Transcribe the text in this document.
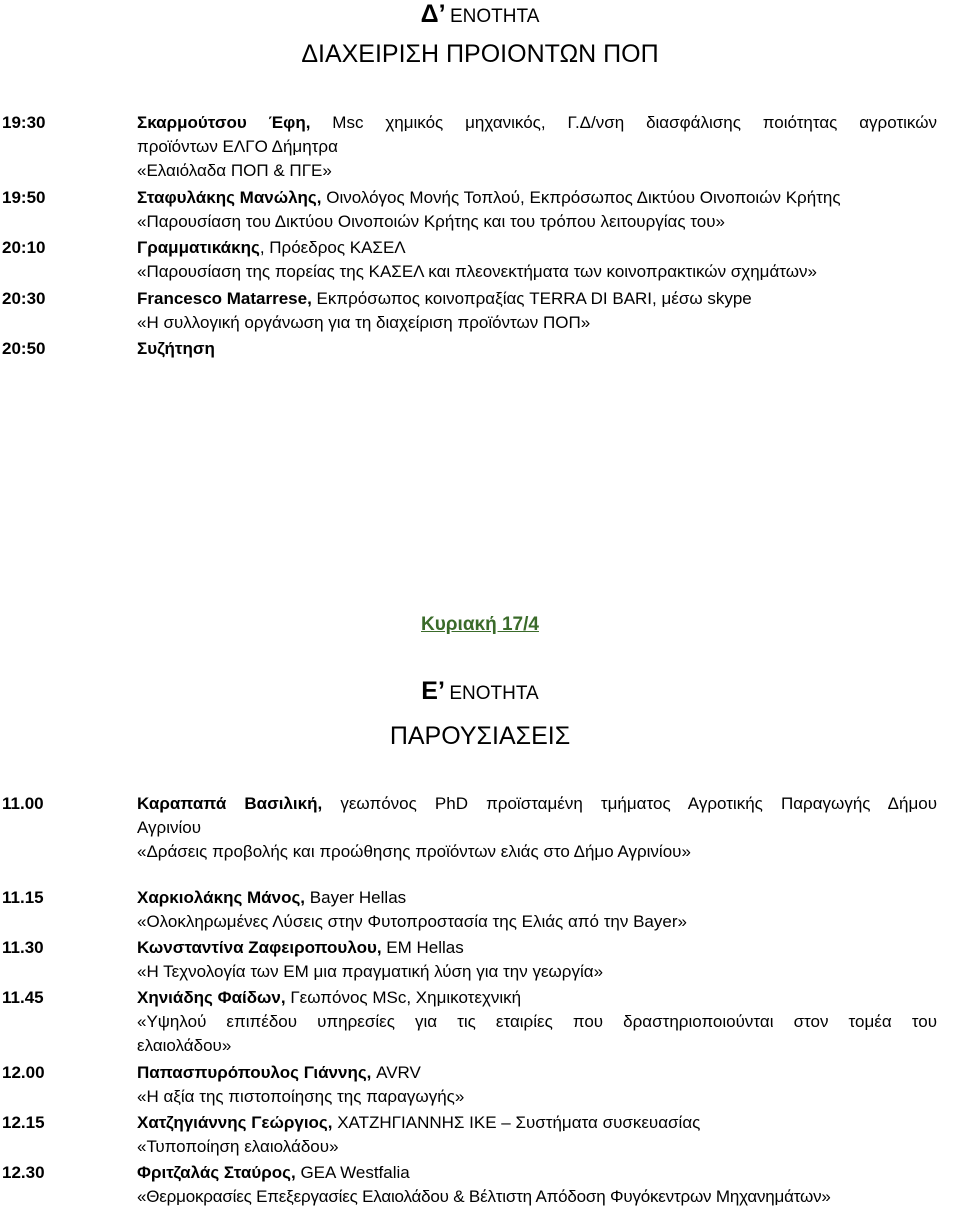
Δ’ ΕΝΟΤΗΤΑ
ΔΙΑΧΕΙΡΙΣΗ ΠΡΟΙΟΝΤΩΝ ΠΟΠ
19:30	Σκαρμούτσου Έφη, Msc χημικός μηχανικός, Γ.Δ/νση διασφάλισης ποιότητας αγροτικών
προϊόντων ΕΛΓΟ Δήμητρα
«Ελαιόλαδα ΠΟΠ & ΠΓΕ»
19:50	Σταφυλάκης Μανώλης, Οινολόγος Μονής Τοπλού, Εκπρόσωπος Δικτύου Οινοποιών Κρήτης
«Παρουσίαση του Δικτύου Οινοποιών Κρήτης και του τρόπου λειτουργίας του»
20:10	Γραμματικάκης, Πρόεδρος ΚΑΣΕΛ
«Παρουσίαση της πορείας της ΚΑΣΕΛ και πλεονεκτήματα των κοινοπρακτικών σχημάτων»
20:30	Francesco Matarrese, Εκπρόσωπος κοινοπραξίας TERRA DI BARI, μέσω skype
«Η συλλογική οργάνωση για τη διαχείριση προϊόντων ΠΟΠ»
20:50	Συζήτηση
Κυριακή 17/4
Ε’ ΕΝΟΤΗΤΑ
ΠΑΡΟΥΣΙΑΣΕΙΣ
11.00	Καραπαπά Βασιλική, γεωπόνος PhD προϊσταμένη τμήματος Αγροτικής Παραγωγής Δήμου
Αγρινίου
«Δράσεις προβολής και προώθησης προϊόντων ελιάς στο Δήμο Αγρινίου»
11.15	Χαρκιολάκης Μάνος, Bayer Hellas
«Ολοκληρωμένες Λύσεις στην Φυτοπροστασία της Ελιάς από την Bayer»
11.30	Κωνσταντίνα Ζαφειροπουλου, ΕΜ Hellas
«Η Τεχνολογία των ΕΜ μια πραγματική λύση για την γεωργία»
11.45	Χηνιάδης Φαίδων, Γεωπόνος MSc, Χημικοτεχνική
«Υψηλού επιπέδου υπηρεσίες για τις εταιρίες που δραστηριοποιούνται στον τομέα του
ελαιολάδου»
12.00	Παπασπυρόπουλος Γιάννης, AVRV
«Η αξία της πιστοποίησης της παραγωγής»
12.15	Χατζηγιάννης Γεώργιος, ΧΑΤΖΗΓΙΑΝΝΗΣ ΙΚΕ – Συστήματα συσκευασίας
«Τυποποίηση ελαιολάδου»
12.30	Φριτζαλάς Σταύρος, GEA Westfalia
«Θερμοκρασίες Επεξεργασίες Ελαιολάδου & Βέλτιστη Απόδοση Φυγόκεντρων Μηχανημάτων»
